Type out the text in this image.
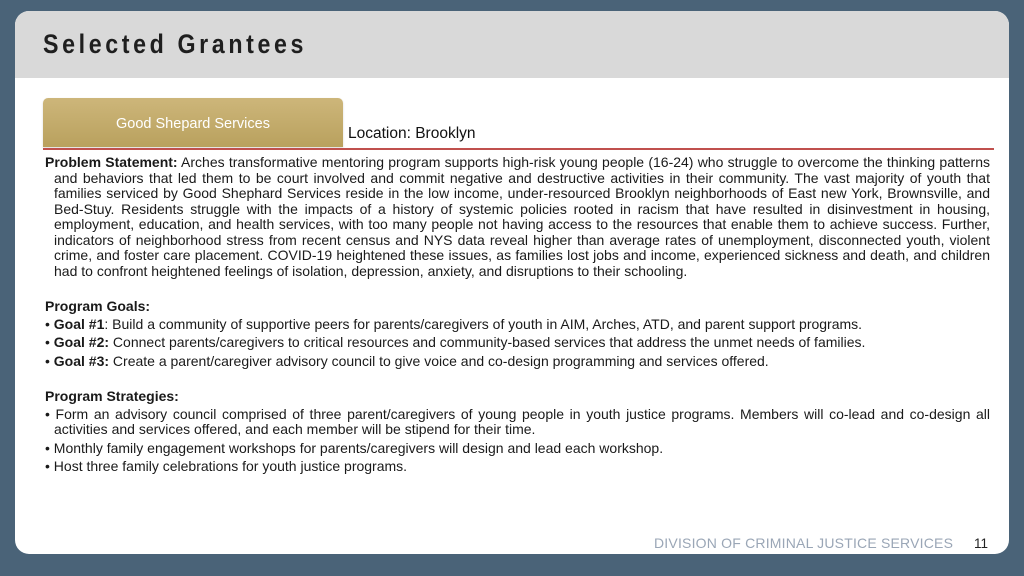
Selected Grantees
Good Shepard Services
Location: Brooklyn

Problem Statement: Arches transformative mentoring program supports high-risk young people (16-24) who struggle to overcome the thinking patterns and behaviors that led them to be court involved and commit negative and destructive activities in their community. The vast majority of youth that families serviced by Good Shephard Services reside in the low income, under-resourced Brooklyn neighborhoods of East new York, Brownsville, and Bed-Stuy. Residents struggle with the impacts of a history of systemic policies rooted in racism that have resulted in disinvestment in housing, employment, education, and health services, with too many people not having access to the resources that enable them to achieve success. Further, indicators of neighborhood stress from recent census and NYS data reveal higher than average rates of unemployment, disconnected youth, violent crime, and foster care placement. COVID-19 heightened these issues, as families lost jobs and income, experienced sickness and death, and children had to confront heightened feelings of isolation, depression, anxiety, and disruptions to their schooling.

Program Goals:
• Goal #1: Build a community of supportive peers for parents/caregivers of youth in AIM, Arches, ATD, and parent support programs.
• Goal #2: Connect parents/caregivers to critical resources and community-based services that address the unmet needs of families.
• Goal #3: Create a parent/caregiver advisory council to give voice and co-design programming and services offered.
Program Strategies:
• Form an advisory council comprised of three parent/caregivers of young people in youth justice programs. Members will co-lead and co-design all activities and services offered, and each member will be stipend for their time.
• Monthly family engagement workshops for parents/caregivers will design and lead each workshop.
• Host three family celebrations for youth justice programs.
DIVISION OF CRIMINAL JUSTICE SERVICES 11
